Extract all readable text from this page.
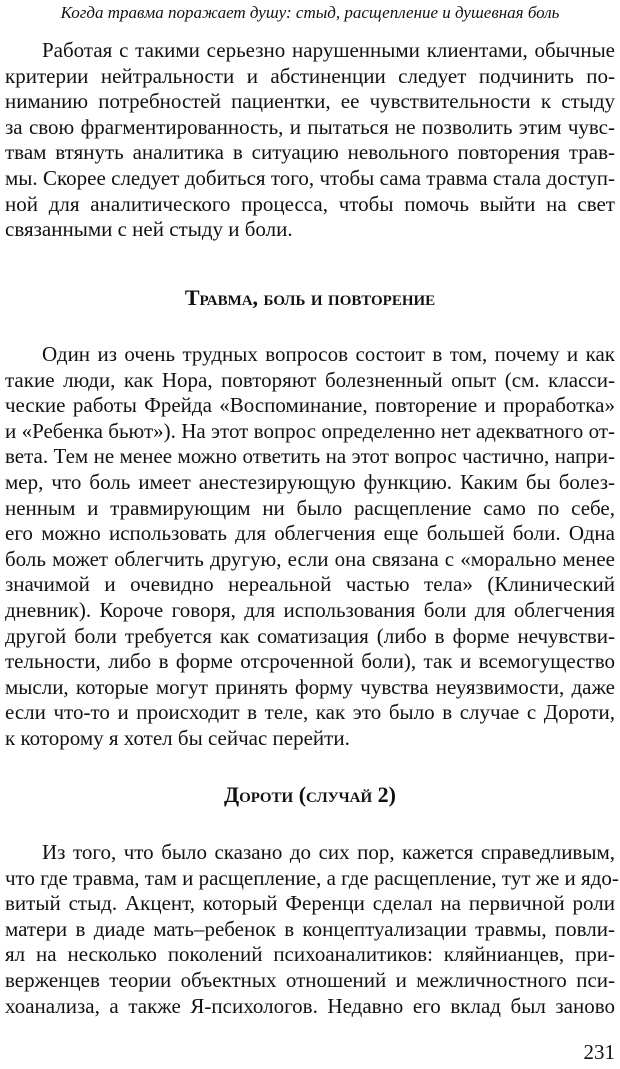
Когда травма поражает душу: стыд, расщепление и душевная боль
Работая с такими серьезно нарушенными клиентами, обычные
критерии нейтральности и абстиненции следует подчинить по-
ниманию потребностей пациентки, ее чувствительности к стыду
за свою фрагментированность, и пытаться не позволить этим чувс-
твам втянуть аналитика в ситуацию невольного повторения трав-
мы. Скорее следует добиться того, чтобы сама травма стала доступ-
ной для аналитического процесса, чтобы помочь выйти на свет
связанными с ней стыду и боли.
Травма, боль и повторение
Один из очень трудных вопросов состоит в том, почему и как
такие люди, как Нора, повторяют болезненный опыт (см. класси-
ческие работы Фрейда «Воспоминание, повторение и проработка»
и «Ребенка бьют»). На этот вопрос определенно нет адекватного от-
вета. Тем не менее можно ответить на этот вопрос частично, напри-
мер, что боль имеет анестезирующую функцию. Каким бы болез-
ненным и травмирующим ни было расщепление само по себе,
его можно использовать для облегчения еще большей боли. Одна
боль может облегчить другую, если она связана с «морально менее
значимой и очевидно нереальной частью тела» (Клинический
дневник). Короче говоря, для использования боли для облегчения
другой боли требуется как соматизация (либо в форме нечувстви-
тельности, либо в форме отсроченной боли), так и всемогущество
мысли, которые могут принять форму чувства неуязвимости, даже
если что-то и происходит в теле, как это было в случае с Дороти,
к которому я хотел бы сейчас перейти.
Дороти (случай 2)
Из того, что было сказано до сих пор, кажется справедливым,
что где травма, там и расщепление, а где расщепление, тут же и ядо-
витый стыд. Акцент, который Ференци сделал на первичной роли
матери в диаде мать–ребенок в концептуализации травмы, повли-
ял на несколько поколений психоаналитиков: кляйнианцев, при-
верженцев теории объектных отношений и межличностного пси-
хоанализа, а также Я-психологов. Недавно его вклад был заново
231
